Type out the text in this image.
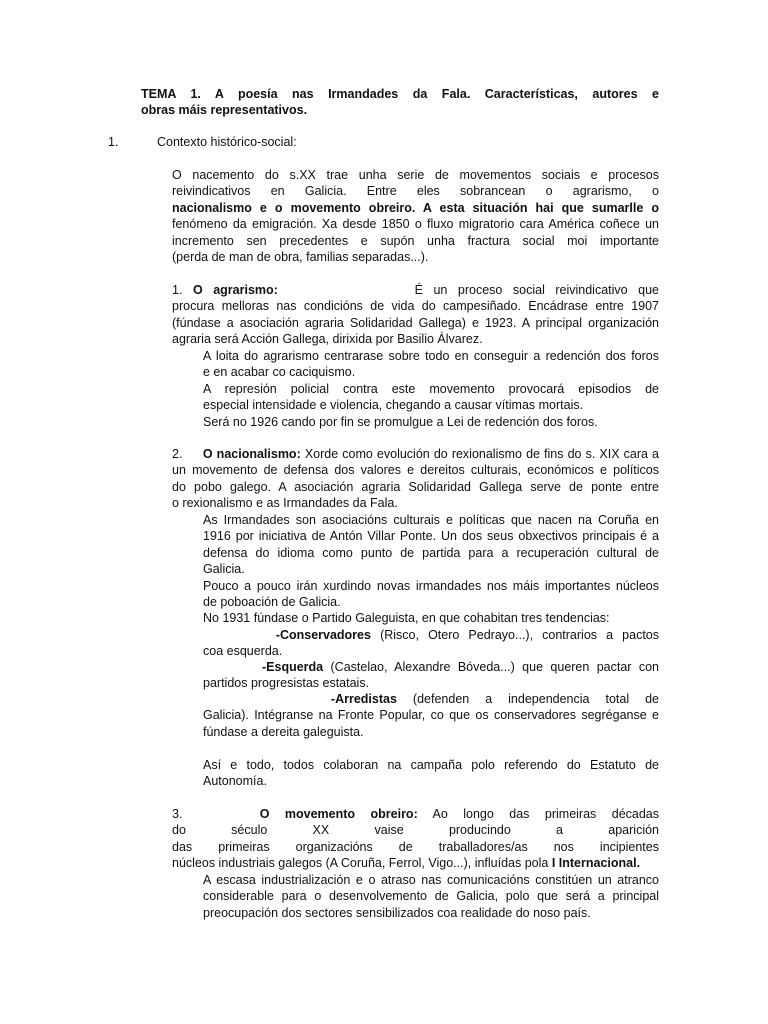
TEMA 1. A poesía nas Irmandades da Fala. Características, autores e
obras máis representativos.
1.	Contexto histórico-social:
O nacemento do s.XX trae unha serie de movementos sociais e procesos
reivindicativos en Galicia. Entre eles sobrancean o agrarismo, o
nacionalismo e o movemento obreiro. A esta situación hai que sumarlle o
fenómeno da emigración. Xa desde 1850 o fluxo migratorio cara América coñece un
incremento sen precedentes e supón unha fractura social moi importante
(perda de man de obra, familias separadas...).
1. O agrarismo:	É un proceso social reivindicativo que
procura melloras nas condicións de vida do campesiñado. Encádrase entre 1907
(fúndase a asociación agraria Solidaridad Gallega) e 1923. A principal organización
agraria será Acción Gallega, dirixida por Basilio Álvarez.
A loita do agrarismo centrarase sobre todo en conseguir a redención dos foros
e en acabar co caciquismo.
A represión policial contra este movemento provocará episodios de
especial intensidade e violencia, chegando a causar vítimas mortais.
Será no 1926 cando por fin se promulgue a Lei de redención dos foros.
2. O nacionalismo: Xorde como evolución do rexionalismo de fins do s. XIX cara a
un movemento de defensa dos valores e dereitos culturais, económicos e políticos
do pobo galego. A asociación agraria Solidaridad Gallega serve de ponte entre
o rexionalismo e as Irmandades da Fala.
As Irmandades son asociacións culturais e políticas que nacen na Coruña en
1916 por iniciativa de Antón Villar Ponte. Un dos seus obxectivos principais é a
defensa do idioma como punto de partida para a recuperación cultural de
Galicia.
Pouco a pouco irán xurdindo novas irmandades nos máis importantes núcleos
de poboación de Galicia.
No 1931 fúndase o Partido Galeguista, en que cohabitan tres tendencias:
-Conservadores (Risco, Otero Pedrayo...), contrarios a pactos
coa esquerda.
-Esquerda (Castelao, Alexandre Bóveda...) que queren pactar con
partidos progresistas estatais.
-Arredistas (defenden a independencia total de
Galicia). Intégranse na Fronte Popular, co que os conservadores segréganse e
fúndase a dereita galeguista.
Así e todo, todos colaboran na campaña polo referendo do Estatuto de
Autonomía.
3.	O movemento obreiro: Ao longo das primeiras décadas
do século XX vaise producindo a aparición
das primeiras organizacións de traballadores/as nos incipientes
núcleos industriais galegos (A Coruña, Ferrol, Vigo...), influídas pola I Internacional.
A escasa industrialización e o atraso nas comunicacións constitúen un atranco
considerable para o desenvolvemento de Galicia, polo que será a principal
preocupación dos sectores sensibilizados coa realidade do noso país.
